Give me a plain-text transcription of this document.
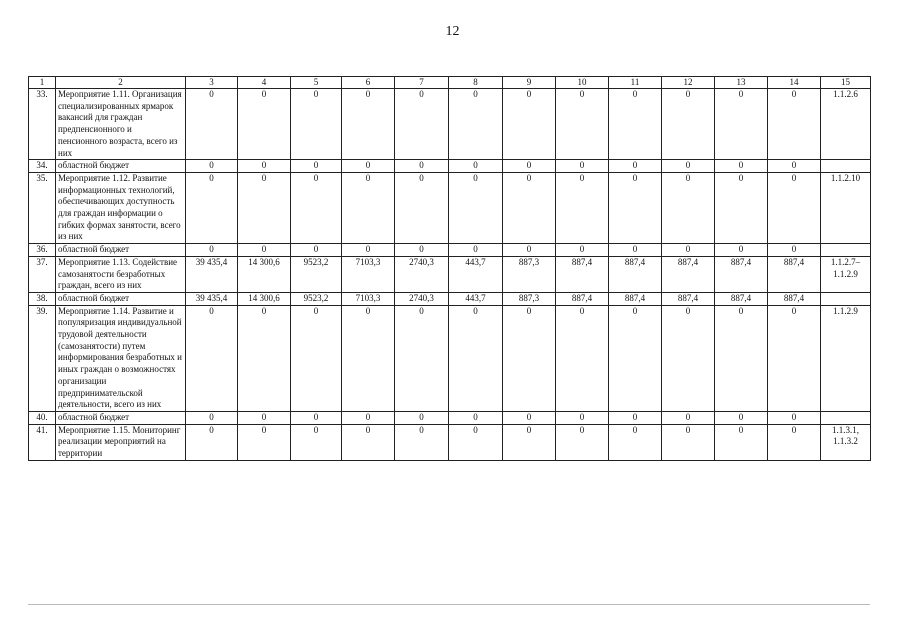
12
1	2	3	4	5	6	7	8	9	10	11	12	13	14	15
33.	Мероприятие 1.11. Организация специализированных ярмарок вакансий для граждан предпенсионного и пенсионного возраста, всего из них	0	0	0	0	0	0	0	0	0	0	0	0	1.1.2.6
34.	областной бюджет	0	0	0	0	0	0	0	0	0	0	0	0	
35.	Мероприятие 1.12. Развитие информационных технологий, обеспечивающих доступность для граждан информации о гибких формах занятости, всего из них	0	0	0	0	0	0	0	0	0	0	0	0	1.1.2.10
36.	областной бюджет	0	0	0	0	0	0	0	0	0	0	0	0	
37.	Мероприятие 1.13. Содействие самозанятости безработных граждан, всего из них	39 435,4	14 300,6	9523,2	7103,3	2740,3	443,7	887,3	887,4	887,4	887,4	887,4	887,4	1.1.2.7– 1.1.2.9
38.	областной бюджет	39 435,4	14 300,6	9523,2	7103,3	2740,3	443,7	887,3	887,4	887,4	887,4	887,4	887,4	
39.	Мероприятие 1.14. Развитие и популяризация индивидуальной трудовой деятельности (самозанятости) путем информирования безработных и иных граждан о возможностях организации предпринимательской деятельности, всего из них	0	0	0	0	0	0	0	0	0	0	0	0	1.1.2.9
40.	областной бюджет	0	0	0	0	0	0	0	0	0	0	0	0	
41.	Мероприятие 1.15. Мониторинг реализации мероприятий на территории	0	0	0	0	0	0	0	0	0	0	0	0	1.1.3.1, 1.1.3.2
